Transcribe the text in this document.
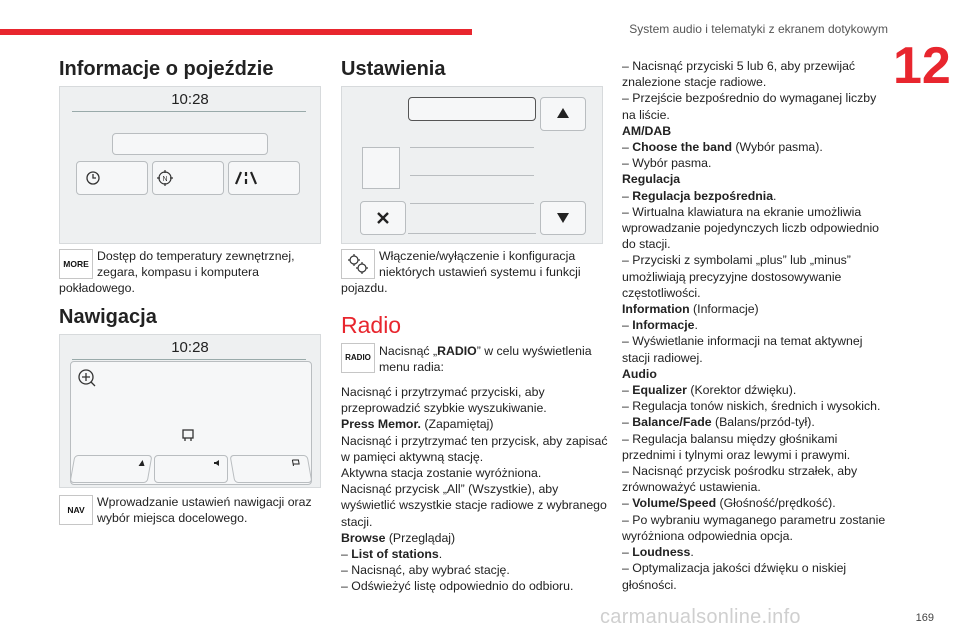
System audio i telematyki z ekranem dotykowym
12
Informacje o pojeździe
10:28
N
MORE
Dostęp do temperatury zewnętrznej,
zegara, kompasu i komputera
pokładowego.
Nawigacja
10:28
NAV
Wprowadzanie ustawień nawigacji oraz
wybór miejsca docelowego.
Ustawienia
Włączenie/wyłączenie i konfiguracja
niektórych ustawień systemu i funkcji
pojazdu.
Radio
RADIO Nacisnąć „RADIO” w celu wyświetlenia
menu radia:
Nacisnąć i przytrzymać przyciski, aby
przeprowadzić szybkie wyszukiwanie.
Press Memor. (Zapamiętaj)
Nacisnąć i przytrzymać ten przycisk, aby zapisać
w pamięci aktywną stację.
Aktywna stacja zostanie wyróżniona.
Nacisnąć przycisk „All” (Wszystkie), aby
wyświetlić wszystkie stacje radiowe z wybranego
stacji.
Browse (Przeglądaj)
– List of stations.
– Nacisnąć, aby wybrać stację.
– Odświeżyć listę odpowiednio do odbioru.
– Nacisnąć przyciski 5 lub 6, aby przewijać
znalezione stacje radiowe.
– Przejście bezpośrednio do wymaganej liczby
na liście.
AM/DAB
– Choose the band (Wybór pasma).
– Wybór pasma.
Regulacja
– Regulacja bezpośrednia.
– Wirtualna klawiatura na ekranie umożliwia
wprowadzanie pojedynczych liczb odpowiednio
do stacji.
– Przyciski z symbolami „plus” lub „minus”
umożliwiają precyzyjne dostosowywanie
częstotliwości.
Information (Informacje)
– Informacje.
– Wyświetlanie informacji na temat aktywnej
stacji radiowej.
Audio
– Equalizer (Korektor dźwięku).
– Regulacja tonów niskich, średnich i wysokich.
– Balance/Fade (Balans/przód-tył).
– Regulacja balansu między głośnikami
przednimi i tylnymi oraz lewymi i prawymi.
– Nacisnąć przycisk pośrodku strzałek, aby
zrównoważyć ustawienia.
– Volume/Speed (Głośność/prędkość).
– Po wybraniu wymaganego parametru zostanie
wyróżniona odpowiednia opcja.
– Loudness.
– Optymalizacja jakości dźwięku o niskiej
głośności.
carmanualsonline.info	169
